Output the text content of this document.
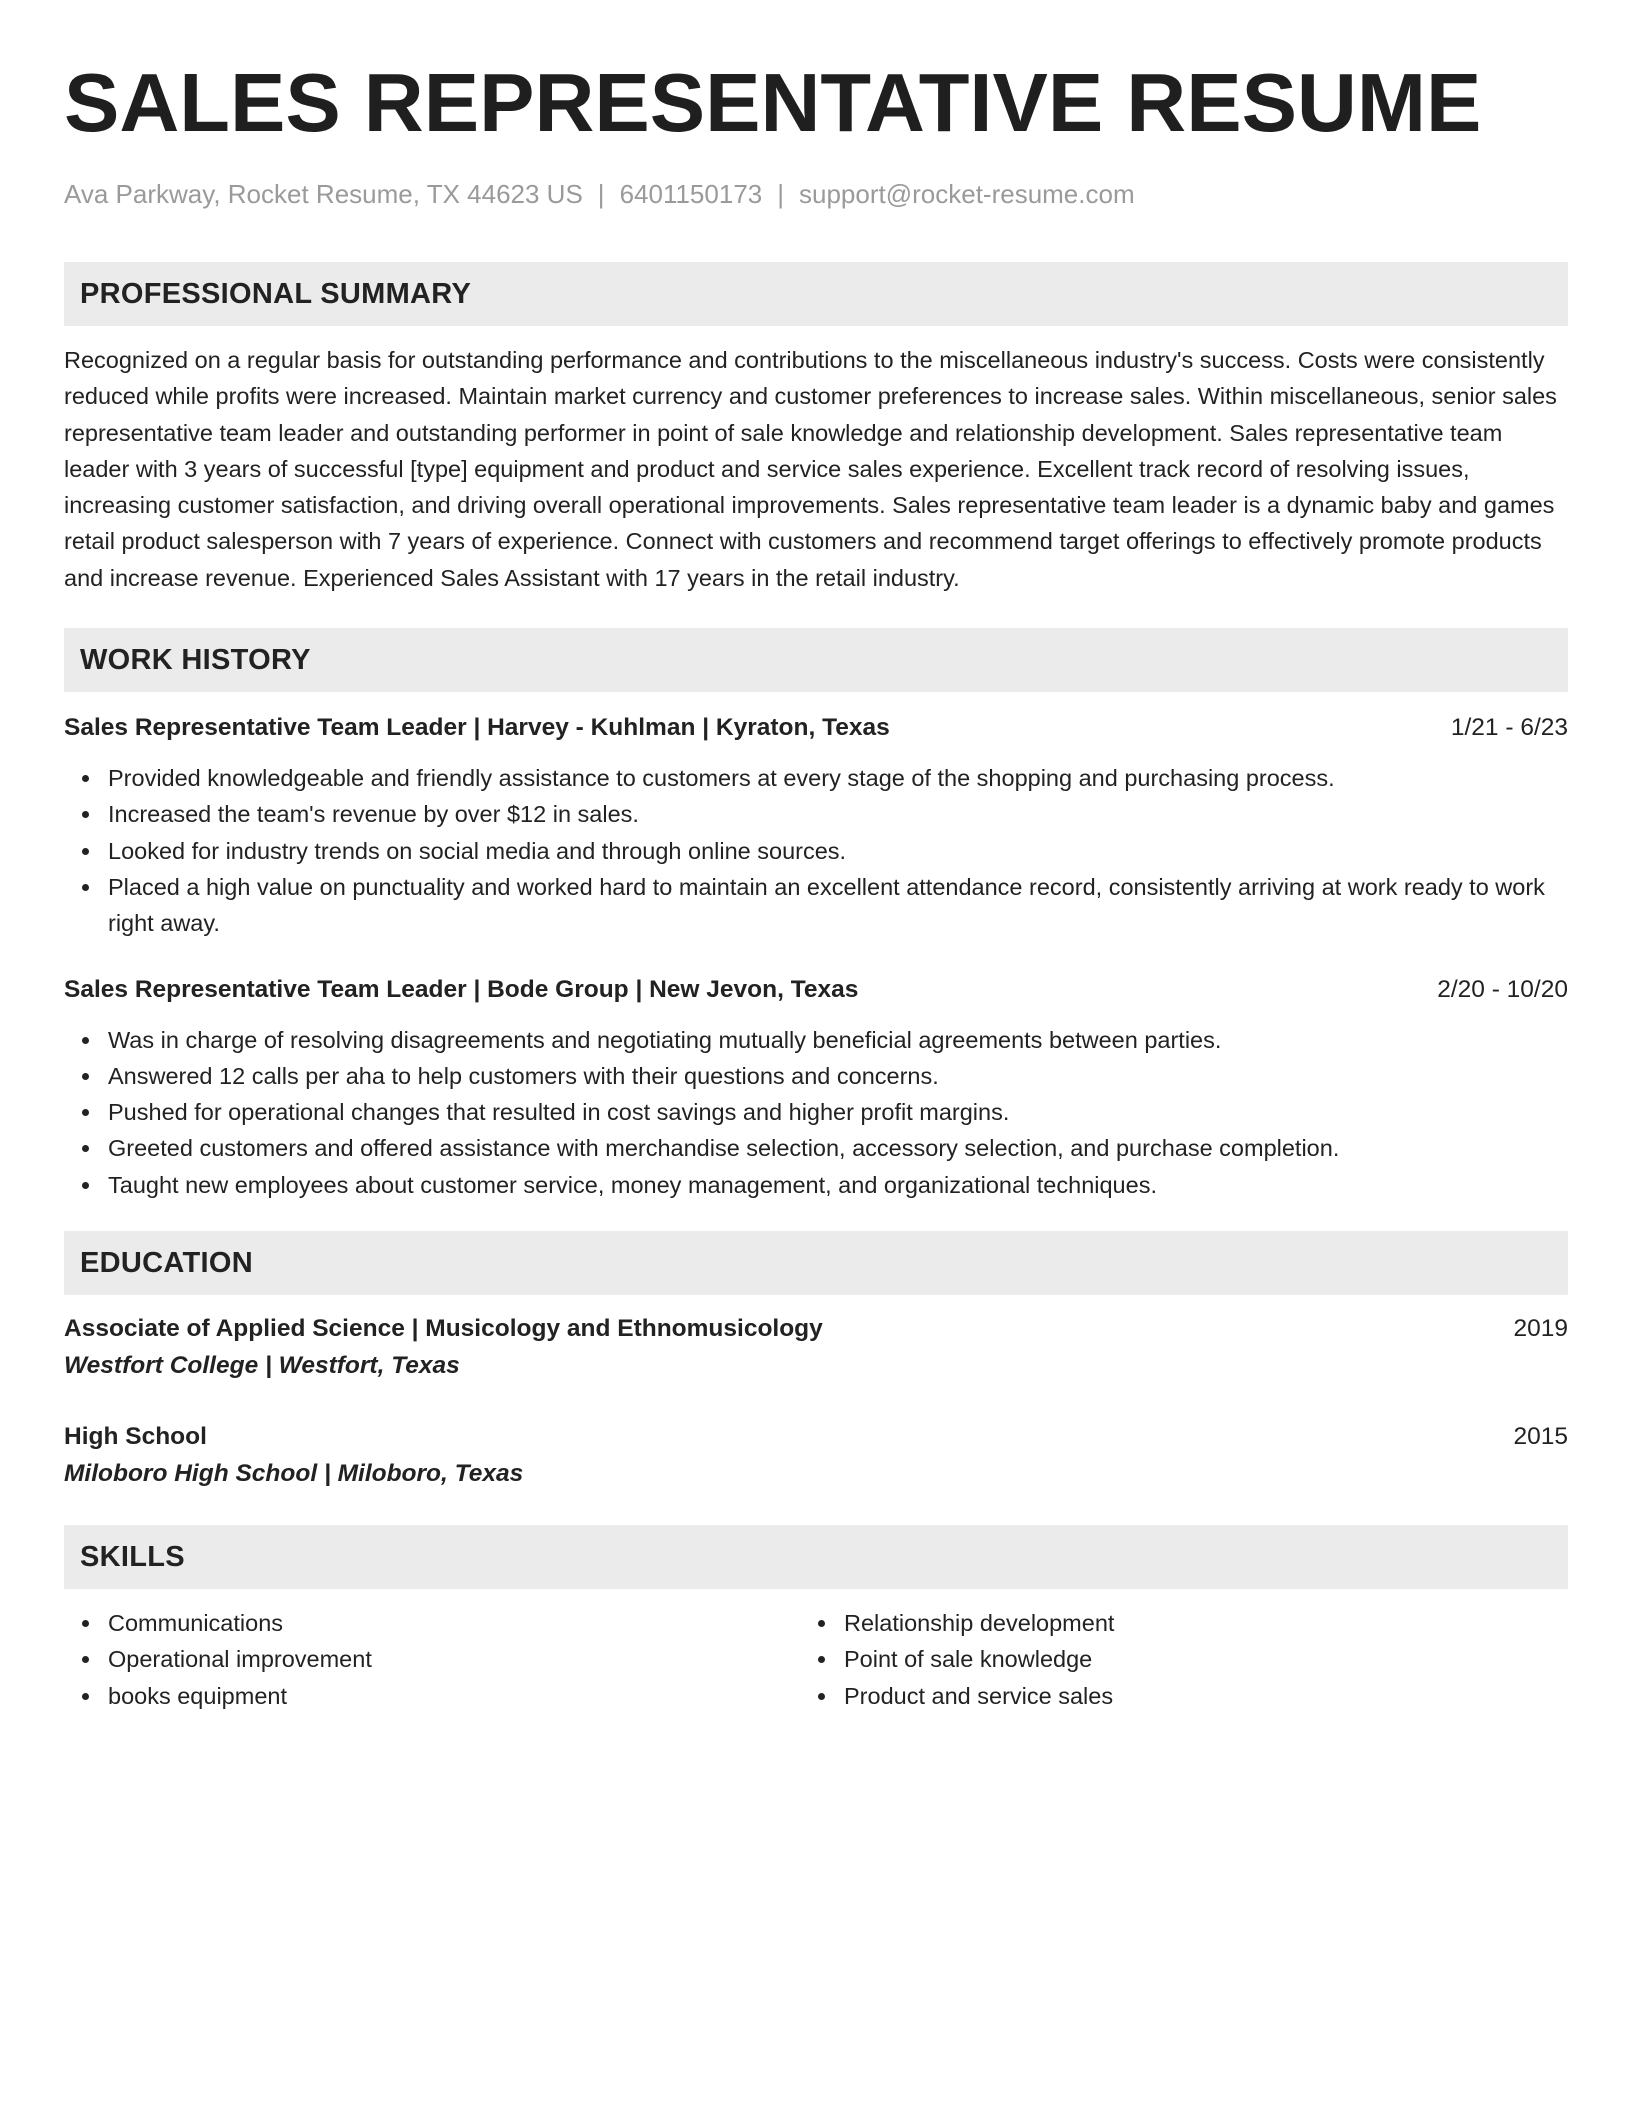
SALES REPRESENTATIVE RESUME
Ava Parkway, Rocket Resume, TX 44623 US | 6401150173 | support@rocket-resume.com
PROFESSIONAL SUMMARY
Recognized on a regular basis for outstanding performance and contributions to the miscellaneous industry's success. Costs were consistently reduced while profits were increased. Maintain market currency and customer preferences to increase sales. Within miscellaneous, senior sales representative team leader and outstanding performer in point of sale knowledge and relationship development. Sales representative team leader with 3 years of successful [type] equipment and product and service sales experience. Excellent track record of resolving issues, increasing customer satisfaction, and driving overall operational improvements. Sales representative team leader is a dynamic baby and games retail product salesperson with 7 years of experience. Connect with customers and recommend target offerings to effectively promote products and increase revenue. Experienced Sales Assistant with 17 years in the retail industry.
WORK HISTORY
Sales Representative Team Leader | Harvey - Kuhlman | Kyraton, Texas	1/21 - 6/23
Provided knowledgeable and friendly assistance to customers at every stage of the shopping and purchasing process.
Increased the team's revenue by over $12 in sales.
Looked for industry trends on social media and through online sources.
Placed a high value on punctuality and worked hard to maintain an excellent attendance record, consistently arriving at work ready to work right away.
Sales Representative Team Leader | Bode Group | New Jevon, Texas	2/20 - 10/20
Was in charge of resolving disagreements and negotiating mutually beneficial agreements between parties.
Answered 12 calls per aha to help customers with their questions and concerns.
Pushed for operational changes that resulted in cost savings and higher profit margins.
Greeted customers and offered assistance with merchandise selection, accessory selection, and purchase completion.
Taught new employees about customer service, money management, and organizational techniques.
EDUCATION
Associate of Applied Science | Musicology and Ethnomusicology	2019
Westfort College | Westfort, Texas
High School	2015
Miloboro High School | Miloboro, Texas
SKILLS
Communications
Operational improvement
books equipment
Relationship development
Point of sale knowledge
Product and service sales
